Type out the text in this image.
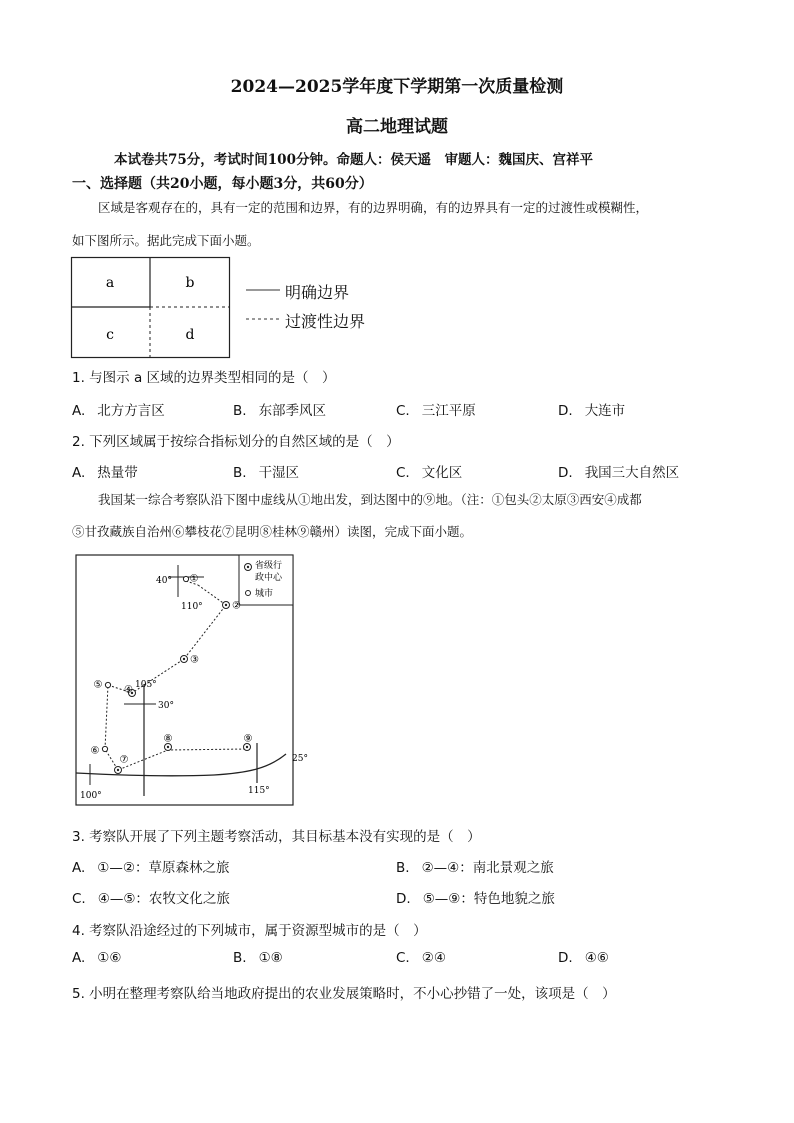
2024—2025学年度下学期第一次质量检测
高二地理试题
本试卷共75分，考试时间100分钟。命题人：侯天遥　审题人：魏国庆、宫祥平
一、选择题（共20小题，每小题3分，共60分）
区域是客观存在的，具有一定的范围和边界，有的边界明确，有的边界具有一定的过渡性或模糊性，
如下图所示。据此完成下面小题。
a	b
c	d
明确边界
过渡性边界
1. 与图示 a 区域的边界类型相同的是（　）
A. 北方方言区	B. 东部季风区	C. 三江平原	D. 大连市
2. 下列区域属于按综合指标划分的自然区域的是（　）
A. 热量带	B. 干湿区	C. 文化区	D. 我国三大自然区
我国某一综合考察队沿下图中虚线从①地出发，到达图中的⑨地。（注：①包头②太原③西安④成都
⑤甘孜藏族自治州⑥攀枝花⑦昆明⑧桂林⑨赣州）读图，完成下面小题。
省级行
政中心
城市
①
②
③
④
⑤
⑥
⑦
⑧	⑨
40°
110°
105°
30°
25°
100°	115°
3. 考察队开展了下列主题考察活动，其目标基本没有实现的是（　）
A. ①—②：草原森林之旅	B. ②—④：南北景观之旅
C. ④—⑤：农牧文化之旅	D. ⑤—⑨：特色地貌之旅
4. 考察队沿途经过的下列城市，属于资源型城市的是（　）
A. ①⑥	B. ①⑧	C. ②④	D. ④⑥
5. 小明在整理考察队给当地政府提出的农业发展策略时，不小心抄错了一处，该项是（　）
